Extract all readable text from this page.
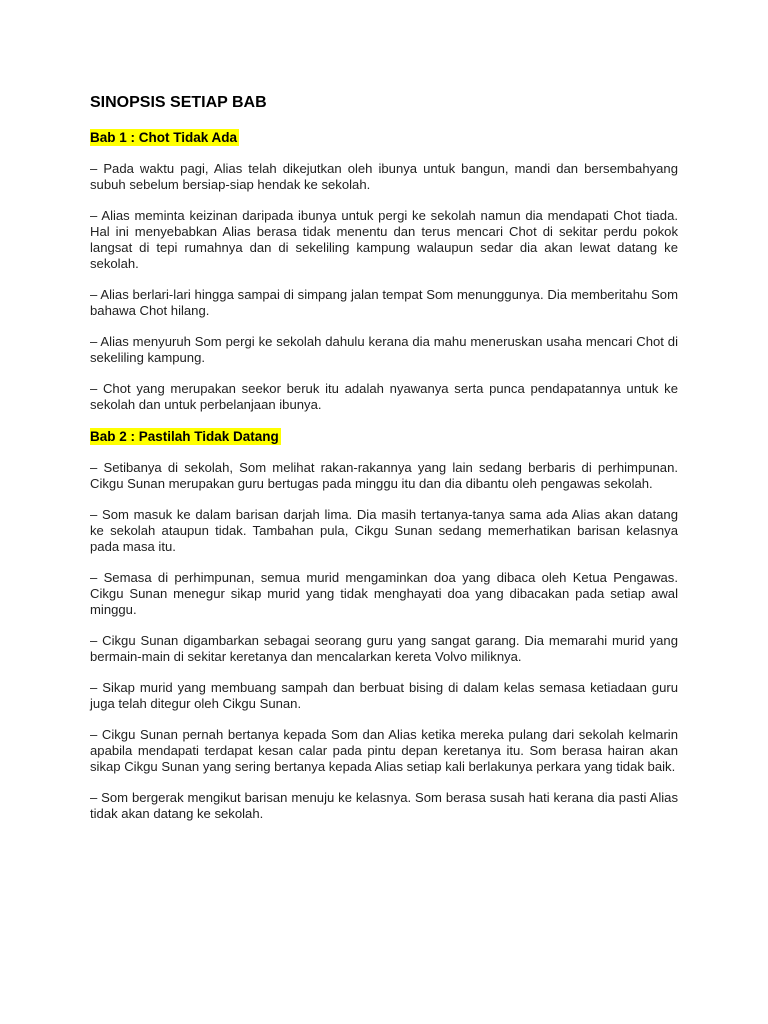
SINOPSIS SETIAP BAB
Bab 1 : Chot Tidak Ada

– Pada waktu pagi, Alias telah dikejutkan oleh ibunya untuk bangun, mandi dan bersembahyang subuh sebelum bersiap-siap hendak ke sekolah.

– Alias meminta keizinan daripada ibunya untuk pergi ke sekolah namun dia mendapati Chot tiada. Hal ini menyebabkan Alias berasa tidak menentu dan terus mencari Chot di sekitar perdu pokok langsat di tepi rumahnya dan di sekeliling kampung walaupun sedar dia akan lewat datang ke sekolah.

– Alias berlari-lari hingga sampai di simpang jalan tempat Som menunggunya. Dia memberitahu Som bahawa Chot hilang.

– Alias menyuruh Som pergi ke sekolah dahulu kerana dia mahu meneruskan usaha mencari Chot di sekeliling kampung.

– Chot yang merupakan seekor beruk itu adalah nyawanya serta punca pendapatannya untuk ke sekolah dan untuk perbelanjaan ibunya.

Bab 2 : Pastilah Tidak Datang

– Setibanya di sekolah, Som melihat rakan-rakannya yang lain sedang berbaris di perhimpunan. Cikgu Sunan merupakan guru bertugas pada minggu itu dan dia dibantu oleh pengawas sekolah.

– Som masuk ke dalam barisan darjah lima. Dia masih tertanya-tanya sama ada Alias akan datang ke sekolah ataupun tidak. Tambahan pula, Cikgu Sunan sedang memerhatikan barisan kelasnya pada masa itu.

– Semasa di perhimpunan, semua murid mengaminkan doa yang dibaca oleh Ketua Pengawas. Cikgu Sunan menegur sikap murid yang tidak menghayati doa yang dibacakan pada setiap awal minggu.

– Cikgu Sunan digambarkan sebagai seorang guru yang sangat garang. Dia memarahi murid yang bermain-main di sekitar keretanya dan mencalarkan kereta Volvo miliknya.

– Sikap murid yang membuang sampah dan berbuat bising di dalam kelas semasa ketiadaan guru juga telah ditegur oleh Cikgu Sunan.

– Cikgu Sunan pernah bertanya kepada Som dan Alias ketika mereka pulang dari sekolah kelmarin apabila mendapati terdapat kesan calar pada pintu depan keretanya itu. Som berasa hairan akan sikap Cikgu Sunan yang sering bertanya kepada Alias setiap kali berlakunya perkara yang tidak baik.

– Som bergerak mengikut barisan menuju ke kelasnya. Som berasa susah hati kerana dia pasti Alias tidak akan datang ke sekolah.
